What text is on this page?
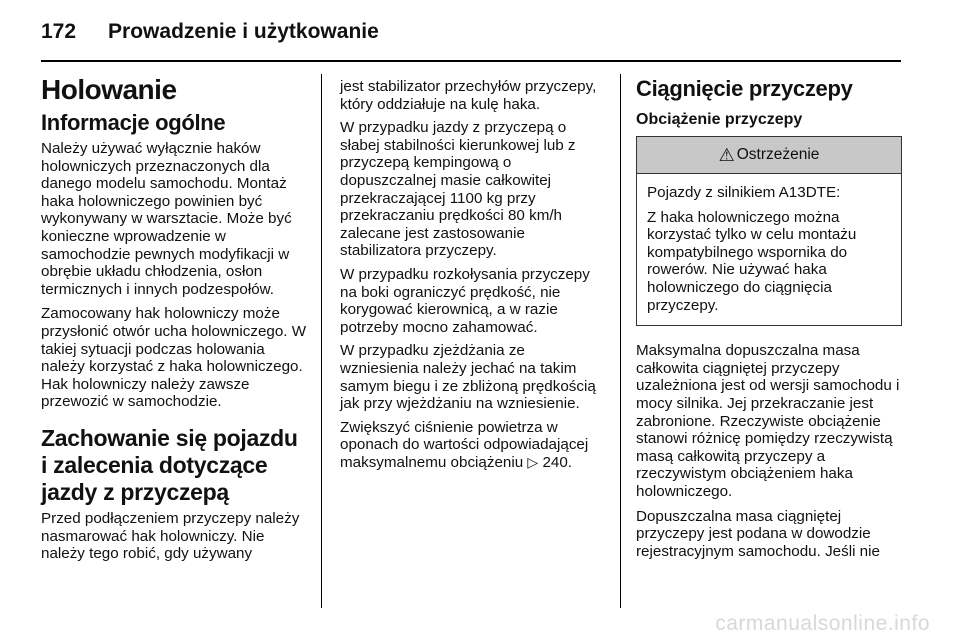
172 Prowadzenie i użytkowanie
Holowanie
Informacje ogólne

Należy używać wyłącznie haków holowniczych przeznaczonych dla danego modelu samochodu. Montaż haka holowniczego powinien być wykonywany w warsztacie. Może być konieczne wprowadzenie w samochodzie pewnych modyfikacji w obrębie układu chłodzenia, osłon termicznych i innych podzespołów.

Zamocowany hak holowniczy może przysłonić otwór ucha holowniczego. W takiej sytuacji podczas holowania należy korzystać z haka holowniczego. Hak holowniczy należy zawsze przewozić w samochodzie.

Zachowanie się pojazdu i zalecenia dotyczące jazdy z przyczepą

Przed podłączeniem przyczepy należy nasmarować hak holowniczy. Nie należy tego robić, gdy używany

jest stabilizator przechyłów przyczepy, który oddziałuje na kulę haka.

W przypadku jazdy z przyczepą o słabej stabilności kierunkowej lub z przyczepą kempingową o dopuszczalnej masie całkowitej przekraczającej 1100 kg przy przekraczaniu prędkości 80 km/h zalecane jest zastosowanie stabilizatora przyczepy.

W przypadku rozkołysania przyczepy na boki ograniczyć prędkość, nie korygować kierownicą, a w razie potrzeby mocno zahamować.

W przypadku zjeżdżania ze wzniesienia należy jechać na takim samym biegu i ze zbliżoną prędkością jak przy wjeżdżaniu na wzniesienie.

Zwiększyć ciśnienie powietrza w oponach do wartości odpowiadającej maksymalnemu obciążeniu ▷ 240.

Ciągnięcie przyczepy
Obciążenie przyczepy
⚠ Ostrzeżenie

Pojazdy z silnikiem A13DTE:

Z haka holowniczego można korzystać tylko w celu montażu kompatybilnego wspornika do rowerów. Nie używać haka holowniczego do ciągnięcia przyczepy.

Maksymalna dopuszczalna masa całkowita ciągniętej przyczepy uzależniona jest od wersji samochodu i mocy silnika. Jej przekraczanie jest zabronione. Rzeczywiste obciążenie stanowi różnicę pomiędzy rzeczywistą masą całkowitą przyczepy a rzeczywistym obciążeniem haka holowniczego.

Dopuszczalna masa ciągniętej przyczepy jest podana w dowodzie rejestracyjnym samochodu. Jeśli nie

carmanualsonline.info
